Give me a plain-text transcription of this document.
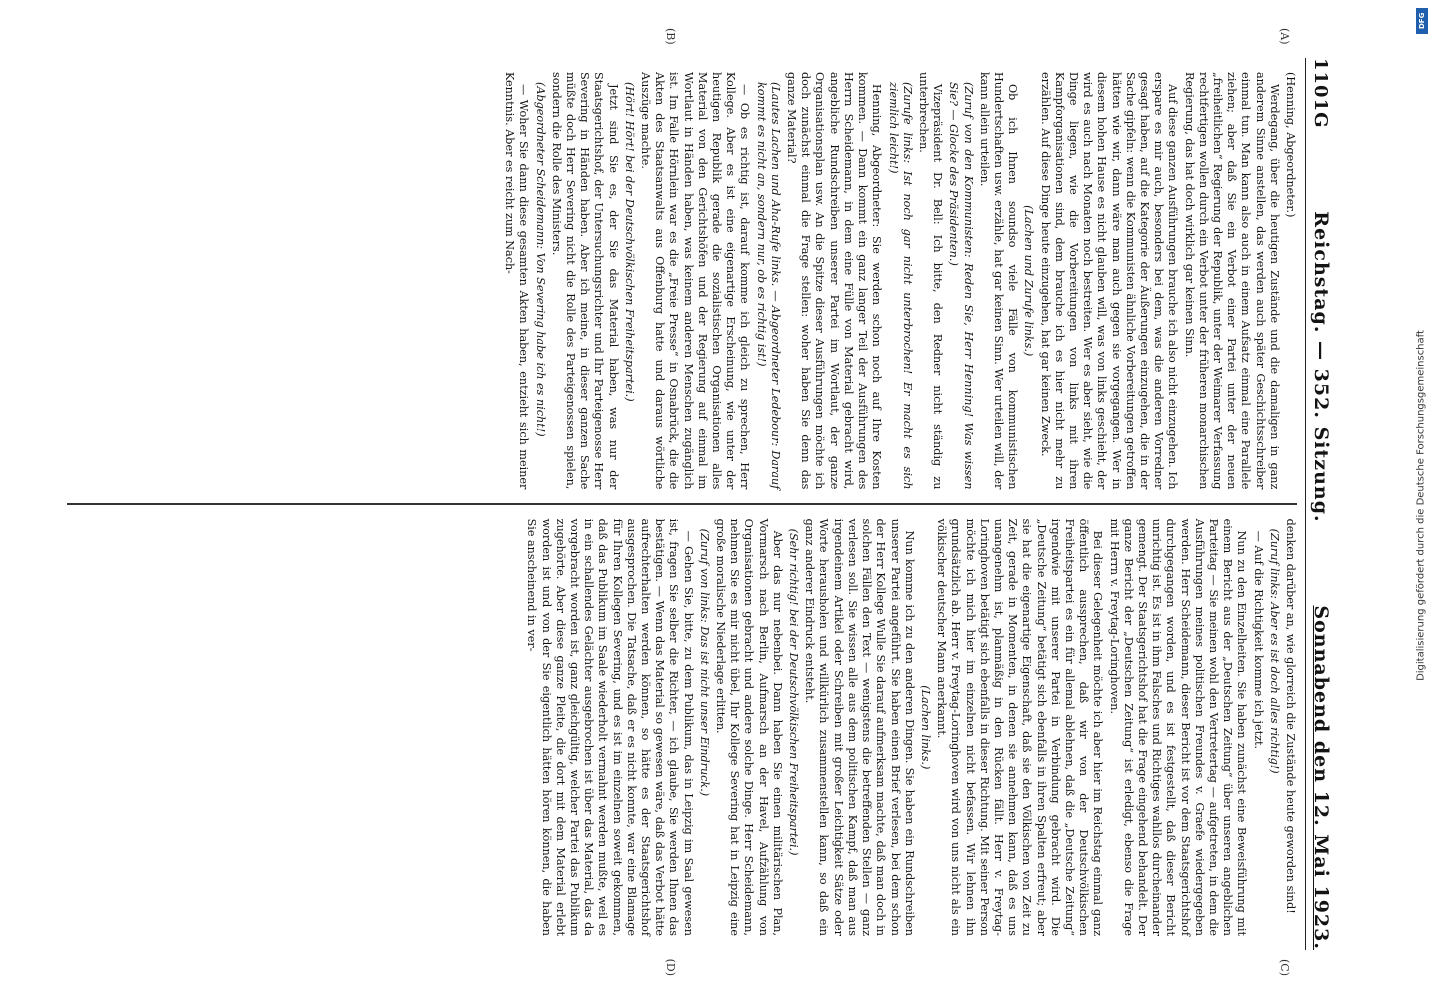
1101G
Reichstag. — 352. Sitzung.
Sonnabend den 12. Mai 1923.
(A)
(B)

(Henning, Abgeordneter.)

Werdegang, über die heutigen Zustände und die damaligen in ganz anderem Sinne anstellen, das werden auch später Geschichtsschreiber einmal tun. Man kann also auch in einem Aufsatz einmal eine Parallele ziehen; aber daß Sie ein Verbot einer Partei unter der neuen „freiheitlichen“ Regierung der Republik, unter der Weimarer Verfassung rechtfertigen wollen durch ein Verbot unter der früheren monarchischen Regierung, das hat doch wirklich gar keinen Sinn.

Auf diese ganzen Ausführungen brauche ich also nicht einzugehen. Ich erspare es mir auch, besonders bei dem, was die anderen Vorredner gesagt haben, auf die Kategorie der Äußerungen einzugehen, die in der Sache gipfeln: wenn die Kommunisten ähnliche Vorbereitungen getroffen hätten wie wir, dann wäre man auch gegen sie vorgegangen. Wer in diesem hohen Hause es nicht glauben will, was von links geschieht, der wird es auch nach Monaten noch bestreiten. Wer es aber sieht, wie die Dinge liegen, wie die Vorbereitungen von links mit ihren Kampforganisationen sind, dem brauche ich es hier nicht mehr zu erzählen. Auf diese Dinge heute einzugehen, hat gar keinen Zweck.

(Lachen und Zurufe links.)

Ob ich Ihnen soundso viele Fälle von kommunistischen Hundertschaften usw. erzähle, hat gar keinen Sinn. Wer urteilen will, der kann allein urteilen.

(Zuruf von den Kommunisten: Reden Sie, Herr Henning! Was wissen Sie? — Glocke des Präsidenten.)

Vizepräsident Dr. Bell: Ich bitte, den Redner nicht ständig zu unterbrechen.

(Zurufe links: Ist noch gar nicht unterbrochen! Er macht es sich ziemlich leicht!)

Henning, Abgeordneter: Sie werden schon noch auf Ihre Kosten kommen. — Dann kommt ein ganz langer Teil der Ausführungen des Herrn Scheidemann, in dem eine Fülle von Material gebracht wird, angebliche Rundschreiben unserer Partei im Wortlaut, der ganze Organisationsplan usw. An die Spitze dieser Ausführungen möchte ich doch zunächst einmal die Frage stellen: woher haben Sie denn das ganze Material?

(Lautes Lachen und Aha-Rufe links. — Abgeordneter Ledebour: Darauf kommt es nicht an, sondern nur, ob es richtig ist!)

— Ob es richtig ist, darauf komme ich gleich zu sprechen, Herr Kollege. Aber es ist eine eigenartige Erscheinung, wie unter der heutigen Republik gerade die sozialistischen Organisationen alles Material von den Gerichtshöfen und der Regierung auf einmal im Wortlaut in Händen haben, was keinem anderen Menschen zugänglich ist. Im Falle Hörnlein war es die „Freie Presse“ in Osnabrück, die die Akten des Staatsanwalts aus Offenburg hatte und daraus wörtliche Auszüge machte.

(Hört! Hört! bei der Deutschvölkischen Freiheitspartei.)

Jetzt sind Sie es, der Sie das Material haben, was nur der Staatsgerichtshof, der Untersuchungsrichter und Ihr Parteigenosse Herr Severing in Händen haben. Aber ich meine, in dieser ganzen Sache müßte doch Herr Severing nicht die Rolle des Parteigenossen spielen, sondern die Rolle des Ministers.

(Abgeordneter Scheidemann: Von Severing habe ich es nicht!)

— Woher Sie dann diese gesamten Akten haben, entzieht sich meiner Kenntnis. Aber es reicht zum Nach-

denken darüber an, wie glorreich die Zustände heute geworden sind!

(Zuruf links: Aber es ist doch alles richtig!)

— Auf die Richtigkeit komme ich jetzt.

Nun zu den Einzelheiten. Sie haben zunächst eine Beweisführung mit einem Bericht aus der „Deutschen Zeitung“ über unseren angeblichen Parteitag — Sie meinen wohl den Vertretertag — aufgetreten, in dem die Ausführungen meines politischen Freundes v. Graefe wiedergegeben werden. Herr Scheidemann, dieser Bericht ist vor dem Staatsgerichtshof durchgegangen worden, und es ist festgestellt, daß dieser Bericht unrichtig ist. Es ist in ihm Falsches und Richtiges wahllos durcheinander gemengt. Der Staatsgerichtshof hat die Frage eingehend behandelt. Der ganze Bericht der „Deutschen Zeitung“ ist erledigt, ebenso die Frage mit Herrn v. Freytag-Loringhoven.

Bei dieser Gelegenheit möchte ich aber hier im Reichstag einmal ganz öffentlich aussprechen, daß wir von der Deutschvölkischen Freiheitspartei es ein für allemal ablehnen, daß die „Deutsche Zeitung“ irgendwie mit unserer Partei in Verbindung gebracht wird. Die „Deutsche Zeitung“ betätigt sich ebenfalls in ihren Spalten erfreut; aber sie hat die eigenartige Eigenschaft, daß sie den Völkischen von Zeit zu Zeit, gerade in Momenten, in denen sie annehmen kann, daß es uns unangenehm ist, planmäßig in den Rücken fällt. Herr v. Freytag-Loringhoven betätigt sich ebenfalls in dieser Richtung. Mit seiner Person möchte ich mich hier im einzelnen nicht befassen. Wir lehnen ihn grundsätzlich ab. Herr v. Freytag-Loringhoven wird von uns nicht als ein völkischer deutscher Mann anerkannt.

(Lachen links.)

Nun komme ich zu den anderen Dingen. Sie haben ein Rundschreiben unserer Partei angeführt. Sie haben einen Brief verlesen, bei dem schon der Herr Kollege Wulle Sie darauf aufmerksam machte, daß man doch in solchen Fällen den Text — wenigstens die betreffenden Stellen — ganz verlesen soll. Sie wissen alle aus dem politischen Kampf, daß man aus irgendeinem Artikel oder Schreiben mit großer Leichtigkeit Sätze oder Worte herausholen und willkürlich zusammenstellen kann, so daß ein ganz anderer Eindruck entsteht.

(Sehr richtig! bei der Deutschvölkischen Freiheitspartei.)

Aber das nur nebenbei. Dann haben Sie einen militärischen Plan, Vormarsch nach Berlin, Aufmarsch an der Havel, Aufzählung von Organisationen gebracht und andere solche Dinge. Herr Scheidemann, nehmen Sie es mir nicht übel, Ihr Kollege Severing hat in Leipzig eine große moralische Niederlage erlitten.

(Zuruf von links: Das ist nicht unser Eindruck.)

— Gehen Sie, bitte, zu dem Publikum, das in Leipzig im Saal gewesen ist, fragen Sie selber die Richter, — ich glaube, Sie werden Ihnen das bestätigen. — Wenn das Material so gewesen wäre, daß das Verbot hätte aufrechterhalten werden können, so hätte es der Staatsgerichtshof ausgesprochen. Die Tatsache, daß er es nicht konnte, war eine Blamage für Ihren Kollegen Severing, und es ist im einzelnen soweit gekommen, daß das Publikum im Saale wiederholt vermahnt werden mußte, weil es in ein schallendes Gelächter ausgebrochen ist über das Material, das da vorgebracht worden ist, ganz gleichgültig, welcher Partei das Publikum zugehörte. Aber diese ganze Pleite, die dort mit dem Material erlebt worden ist und von der Sie eigentlich hätten hören können, die haben Sie anscheinend in ver-

(C)
(D)
Digitalisierung gefördert durch die Deutsche Forschungsgemeinschaft
DFG
